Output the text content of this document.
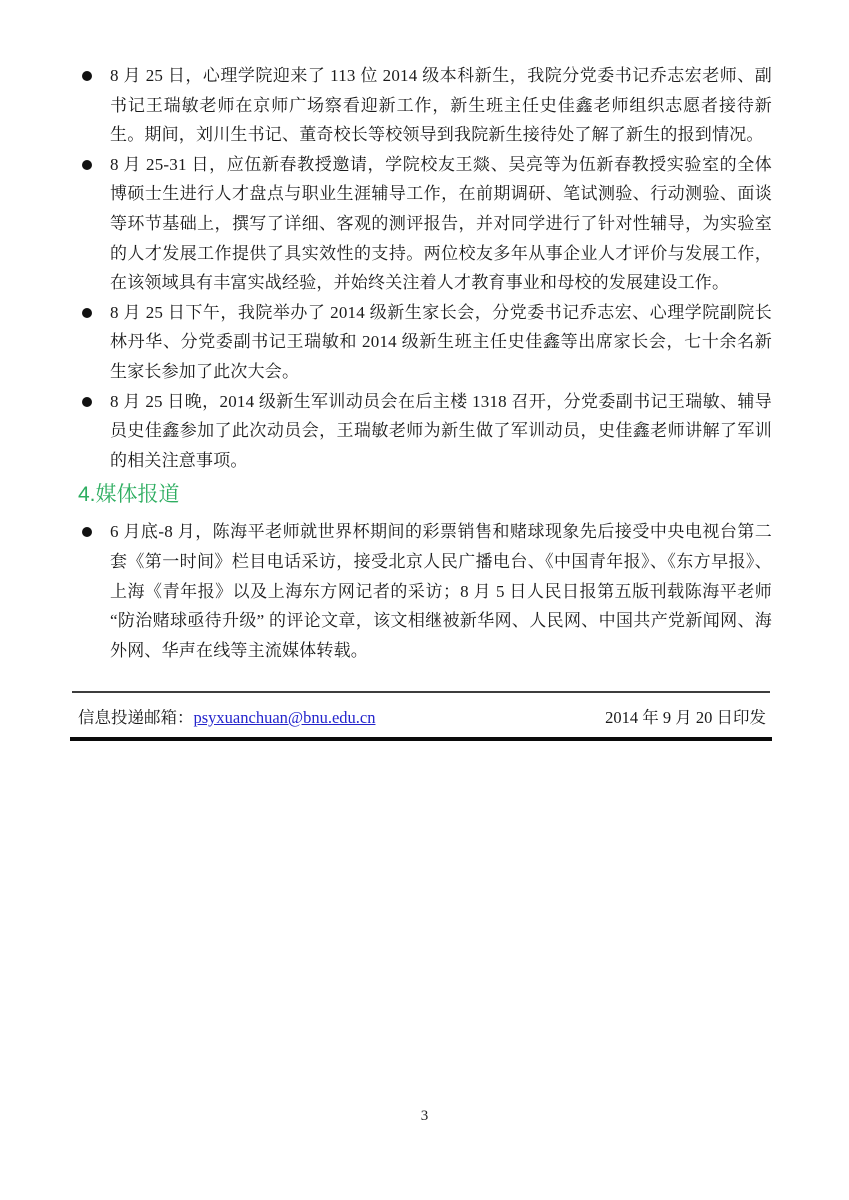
8 月 25 日，心理学院迎来了 113 位 2014 级本科新生，我院分党委书记乔志宏老师、副书记王瑞敏老师在京师广场察看迎新工作，新生班主任史佳鑫老师组织志愿者接待新生。期间，刘川生书记、董奇校长等校领导到我院新生接待处了解了新生的报到情况。
8 月 25-31 日，应伍新春教授邀请，学院校友王燚、吴亮等为伍新春教授实验室的全体博硕士生进行人才盘点与职业生涯辅导工作，在前期调研、笔试测验、行动测验、面谈等环节基础上，撰写了详细、客观的测评报告，并对同学进行了针对性辅导，为实验室的人才发展工作提供了具实效性的支持。两位校友多年从事企业人才评价与发展工作，在该领域具有丰富实战经验，并始终关注着人才教育事业和母校的发展建设工作。
8 月 25 日下午，我院举办了 2014 级新生家长会，分党委书记乔志宏、心理学院副院长林丹华、分党委副书记王瑞敏和 2014 级新生班主任史佳鑫等出席家长会，七十余名新生家长参加了此次大会。
8 月 25 日晚，2014 级新生军训动员会在后主楼 1318 召开，分党委副书记王瑞敏、辅导员史佳鑫参加了此次动员会，王瑞敏老师为新生做了军训动员，史佳鑫老师讲解了军训的相关注意事项。
4.媒体报道
6 月底-8 月，陈海平老师就世界杯期间的彩票销售和赌球现象先后接受中央电视台第二套《第一时间》栏目电话采访，接受北京人民广播电台、《中国青年报》、《东方早报》、上海《青年报》以及上海东方网记者的采访；8 月 5 日人民日报第五版刊载陈海平老师 “防治赌球亟待升级” 的评论文章，该文相继被新华网、人民网、中国共产党新闻网、海外网、华声在线等主流媒体转载。
信息投递邮箱：psyxuanchuan@bnu.edu.cn	2014 年 9 月 20 日印发
3
